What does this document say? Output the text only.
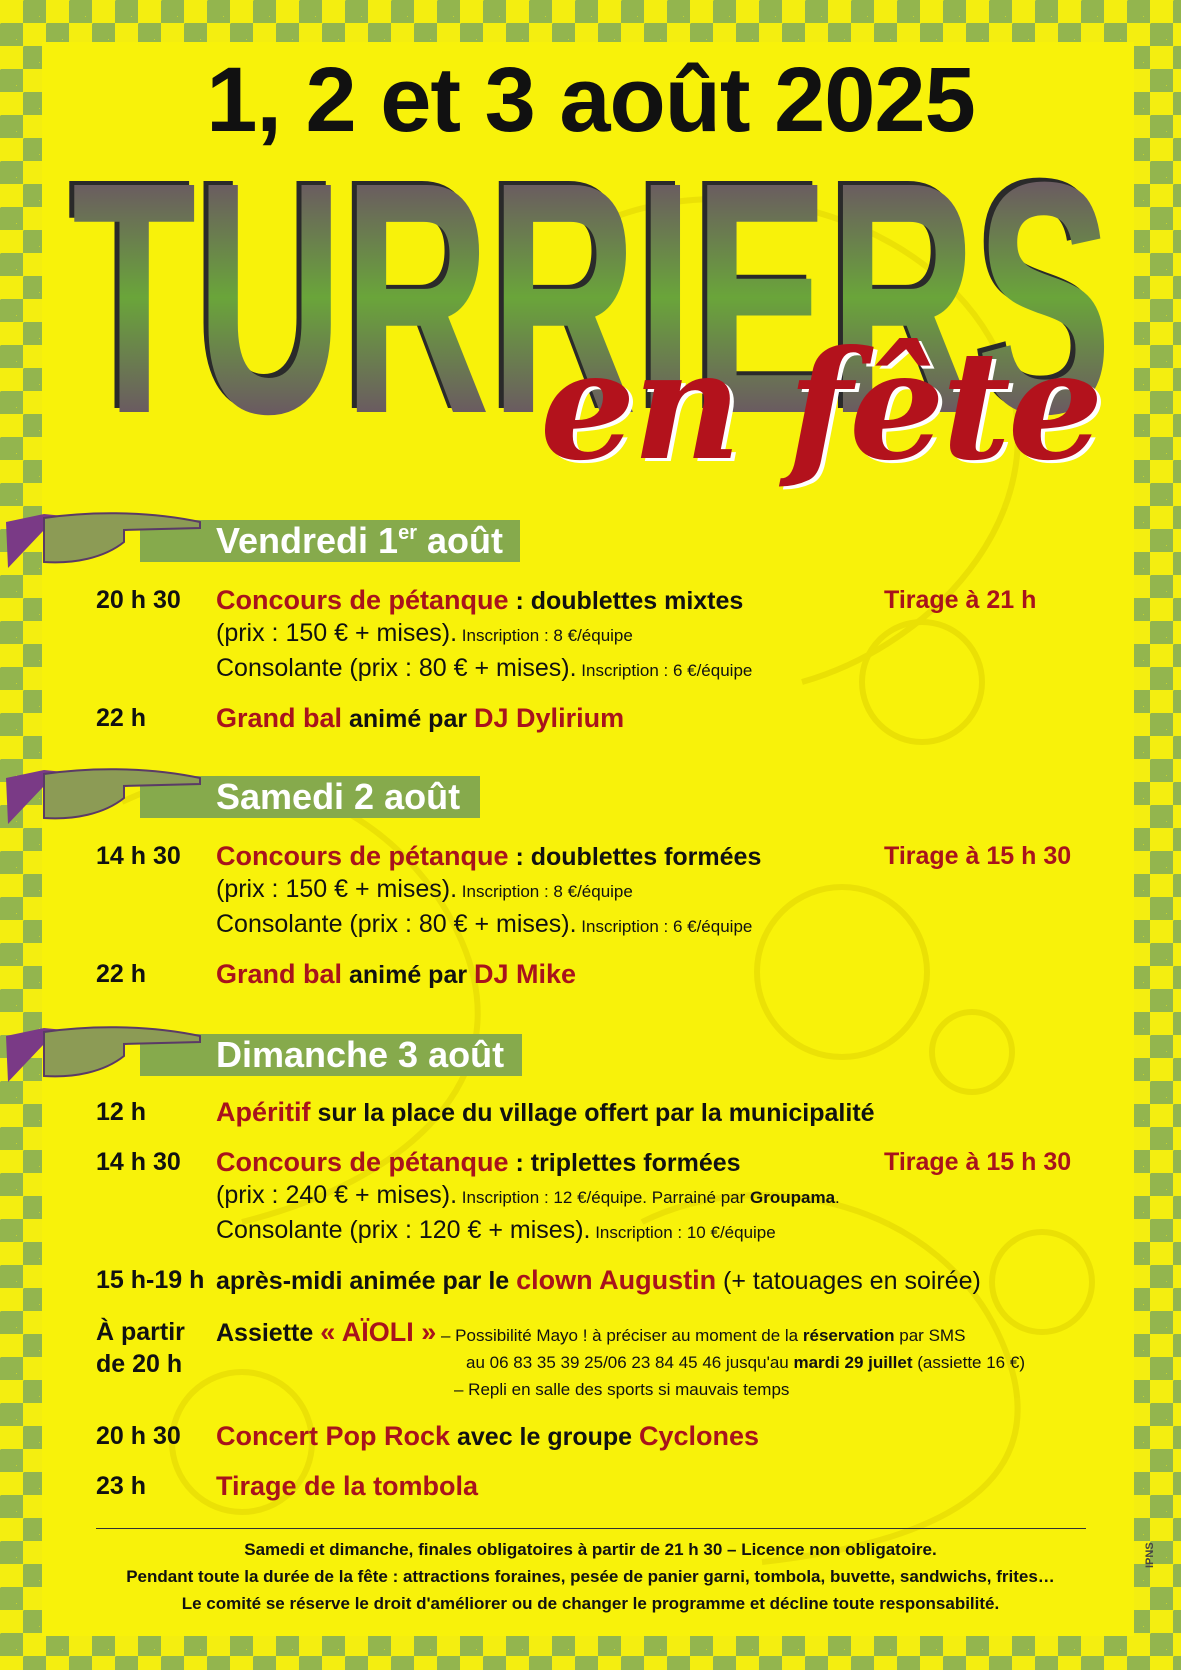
1, 2 et 3 août 2025
TURRIERS
TURRIERS
en fête
Vendredi 1er août
20 h 30 Concours de pétanque : doublettes mixtes
(prix : 150 € + mises). Inscription : 8 €/équipe
Consolante (prix : 80 € + mises). Inscription : 6 €/équipe
Tirage à 21 h
22 h	Grand bal animé par DJ Dylirium
Samedi 2 août
14 h 30 Concours de pétanque : doublettes formées
(prix : 150 € + mises). Inscription : 8 €/équipe
Consolante (prix : 80 € + mises). Inscription : 6 €/équipe
Tirage à 15 h 30
22 h	Grand bal animé par DJ Mike
Dimanche 3 août
12 h	Apéritif sur la place du village offert par la municipalité
14 h 30 Concours de pétanque : triplettes formées
(prix : 240 € + mises). Inscription : 12 €/équipe. Parrainé par Groupama.
Consolante (prix : 120 € + mises). Inscription : 10 €/équipe
Tirage à 15 h 30
15 h-19 h après-midi animée par le clown Augustin (+ tatouages en soirée)
À partir
de 20 h
Assiette « AÏOLI » – Possibilité Mayo ! à préciser au moment de la réservation par SMS
au 06 83 35 39 25/06 23 84 45 46 jusqu'au mardi 29 juillet (assiette 16 €)
– Repli en salle des sports si mauvais temps
20 h 30 Concert Pop Rock avec le groupe Cyclones
23 h	Tirage de la tombola
Samedi et dimanche, finales obligatoires à partir de 21 h 30 – Licence non obligatoire.
Pendant toute la durée de la fête : attractions foraines, pesée de panier garni, tombola, buvette, sandwichs, frites…
Le comité se réserve le droit d'améliorer ou de changer le programme et décline toute responsabilité.
IPNS
